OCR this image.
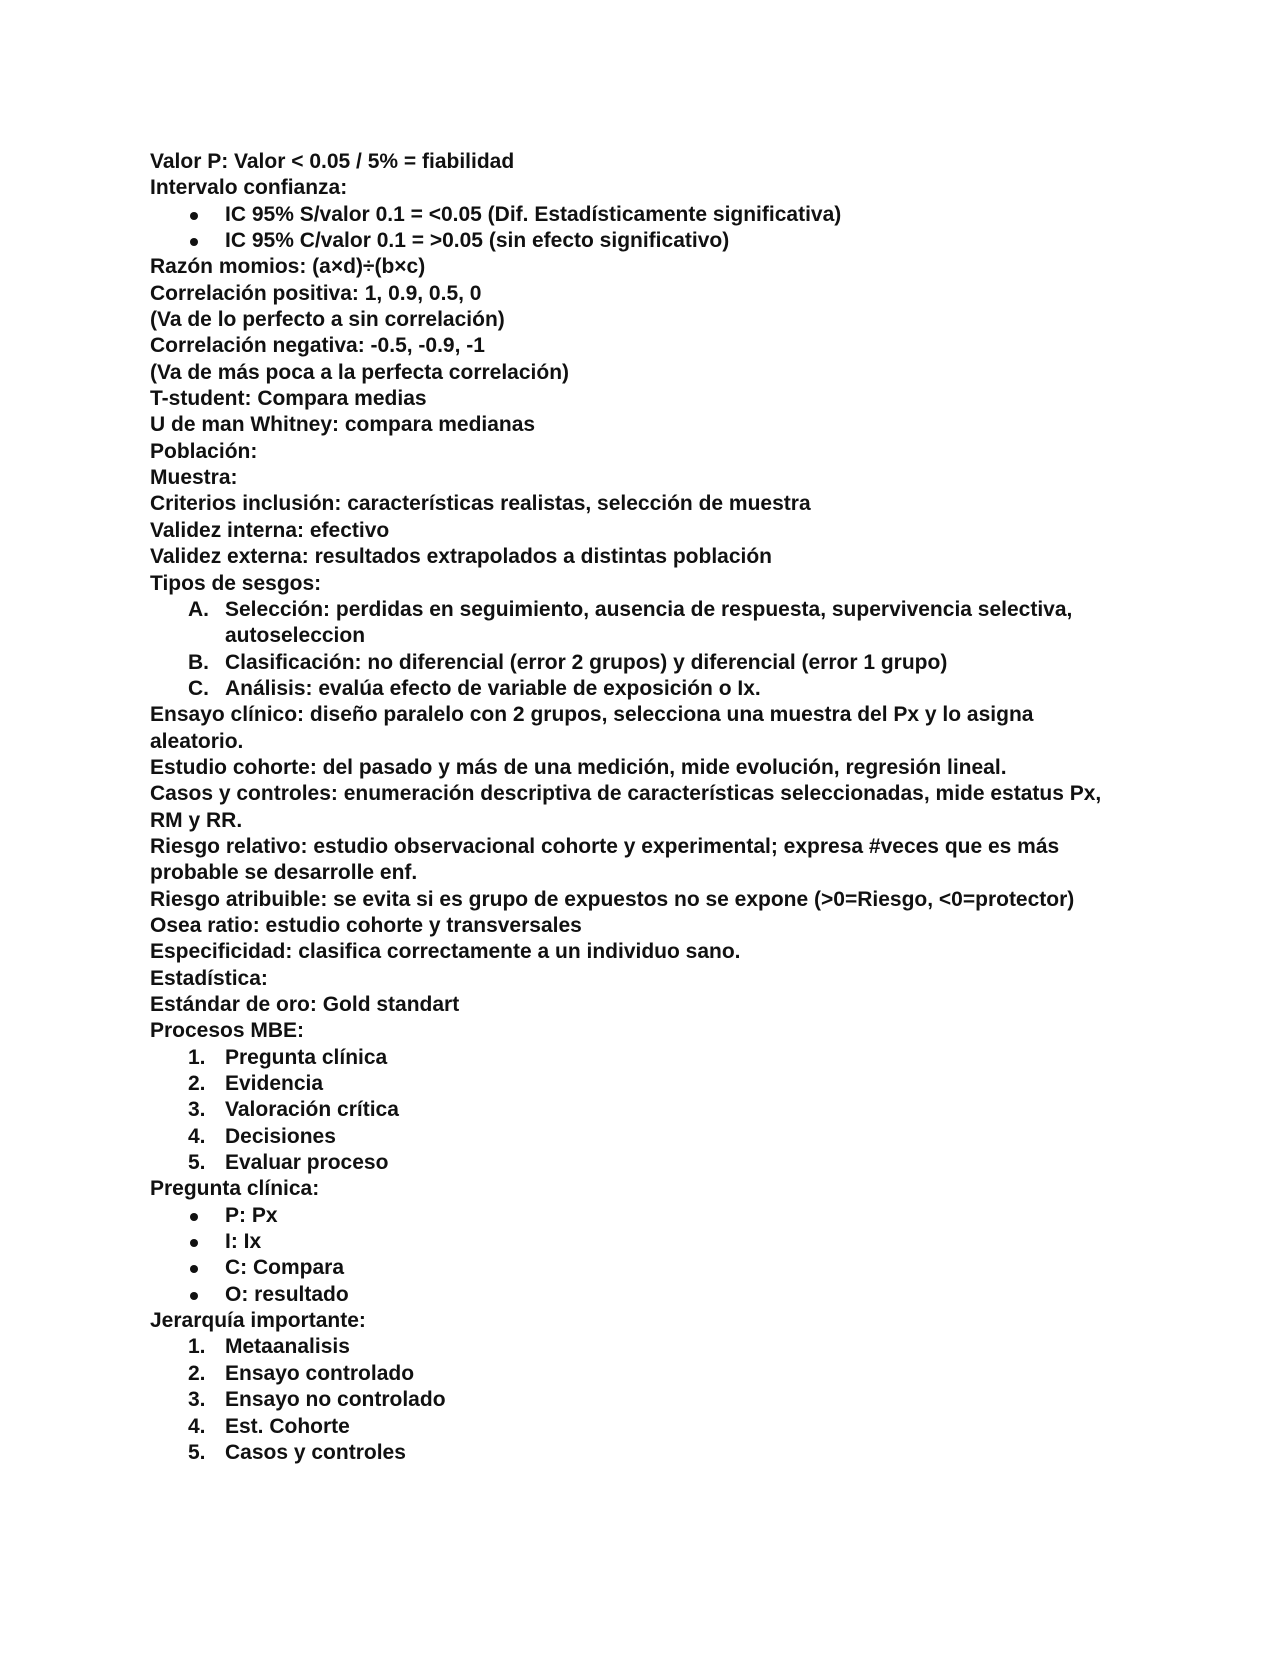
Valor P: Valor < 0.05 / 5% = fiabilidad

Intervalo confianza:

IC 95% S/valor 0.1 = <0.05 (Dif. Estadísticamente significativa)
IC 95% C/valor 0.1 = >0.05 (sin efecto significativo)

Razón momios: (a×d)÷(b×c)

Correlación positiva: 1, 0.9, 0.5, 0

(Va de lo perfecto a sin correlación)

Correlación negativa: -0.5, -0.9, -1

(Va de más poca a la perfecta correlación)

T-student: Compara medias

U de man Whitney: compara medianas

Población:

Muestra:

Criterios inclusión: características realistas, selección de muestra

Validez interna: efectivo

Validez externa: resultados extrapolados a distintas población

Tipos de sesgos:

A. Selección: perdidas en seguimiento, ausencia de respuesta, supervivencia selectiva, autoseleccion
B. Clasificación: no diferencial (error 2 grupos) y diferencial (error 1 grupo)
C. Análisis: evalúa efecto de variable de exposición o Ix.

Ensayo clínico: diseño paralelo con 2 grupos, selecciona una muestra del Px y lo asigna aleatorio.

Estudio cohorte: del pasado y más de una medición, mide evolución, regresión lineal.

Casos y controles: enumeración descriptiva de características seleccionadas, mide estatus Px, RM y RR.

Riesgo relativo: estudio observacional cohorte y experimental; expresa #veces que es más probable se desarrolle enf.

Riesgo atribuible: se evita si es grupo de expuestos no se expone (>0=Riesgo, <0=protector)

Osea ratio: estudio cohorte y transversales

Especificidad: clasifica correctamente a un individuo sano.

Estadística:

Estándar de oro: Gold standart

Procesos MBE:

1. Pregunta clínica
2. Evidencia
3. Valoración crítica
4. Decisiones
5. Evaluar proceso

Pregunta clínica:

P: Px
I: Ix
C: Compara
O: resultado

Jerarquía importante:

1. Metaanalisis
2. Ensayo controlado
3. Ensayo no controlado
4. Est. Cohorte
5. Casos y controles
